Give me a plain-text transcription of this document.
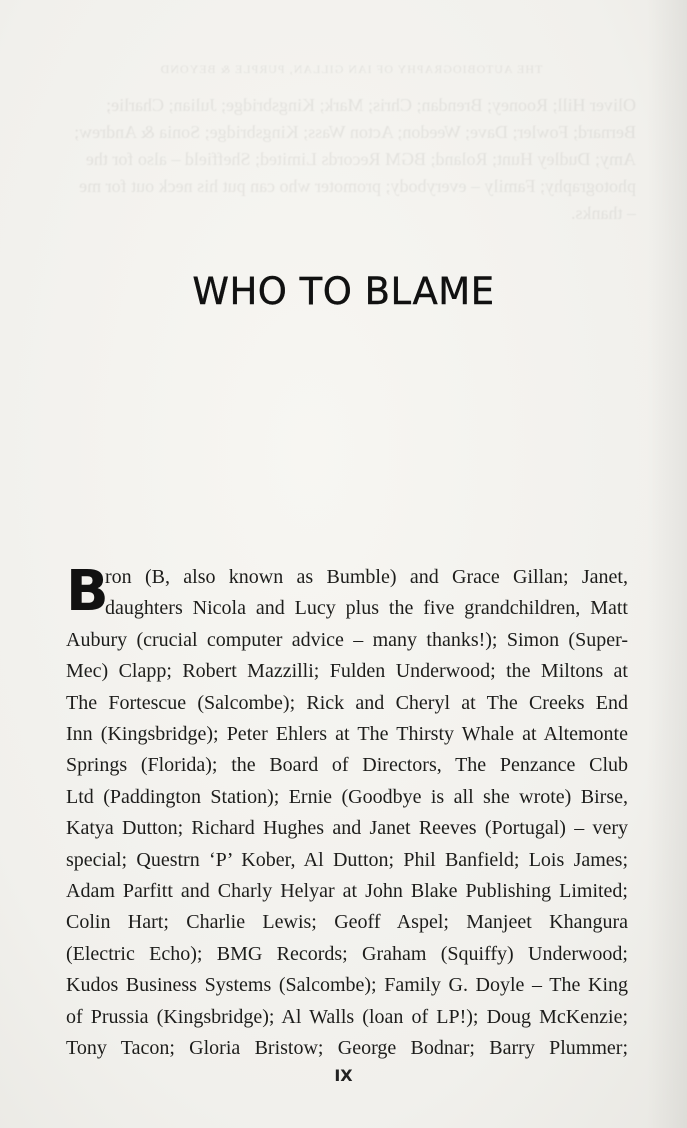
THE AUTOBIOGRAPHY OF IAN GILLAN, PURPLE & BEYOND
Oliver Hill; Rooney; Brendan; Chris; Mark; Kingsbridge; Julian; Charlie; Bernard; Fowler; Dave; Weedon; Acton Wass; Kingsbridge; Sonia & Andrew; Amy; Dudley Hunt; Roland; BGM Records Limited; Sheffield – also for the photography; Family – everybody; promoter who can put his neck out for me – thanks.
WHO TO BLAME
B
ron (B, also known as Bumble) and Grace Gillan; Janet,
daughters Nicola and Lucy plus the five grandchildren, Matt
Aubury (crucial computer advice – many thanks!); Simon (Super-
Mec) Clapp; Robert Mazzilli; Fulden Underwood; the Miltons at
The Fortescue (Salcombe); Rick and Cheryl at The Creeks End
Inn (Kingsbridge); Peter Ehlers at The Thirsty Whale at Altemonte
Springs (Florida); the Board of Directors, The Penzance Club
Ltd (Paddington Station); Ernie (Goodbye is all she wrote) Birse,
Katya Dutton; Richard Hughes and Janet Reeves (Portugal) – very
special; Questrn ‘P’ Kober, Al Dutton; Phil Banfield; Lois James;
Adam Parfitt and Charly Helyar at John Blake Publishing Limited;
Colin Hart; Charlie Lewis; Geoff Aspel; Manjeet Khangura
(Electric Echo); BMG Records; Graham (Squiffy) Underwood;
Kudos Business Systems (Salcombe); Family G. Doyle – The King
of Prussia (Kingsbridge); Al Walls (loan of LP!); Doug McKenzie;
Tony Tacon; Gloria Bristow; George Bodnar; Barry Plummer;
IX
